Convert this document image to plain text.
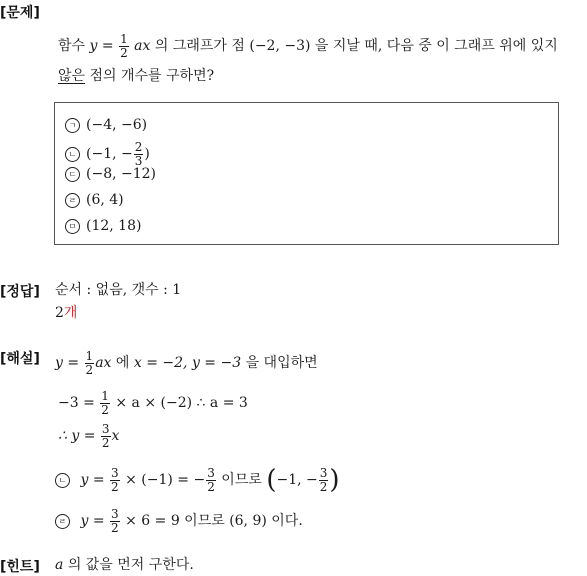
[문제]
함수 $y = \frac{1}{2}$ ax 의 그래프가 점 (−2, −3) 을 지날 때, 다음 중 이 그래프 위에 있지
않은 점의 개수를 구하면?
ㄱ (−4, −6)
ㄴ (−1, − $\frac{2}{3}$ )
ㄷ (−8, −12)
ㄹ (6, 4)
ㅁ (12, 18)
[정답] 순서 : 없음, 갯수 : 1
2개
[해설] $y = \frac{1}{2}$ ax 에 x = −2, y = −3 을 대입하면
$-3 = \frac{1}{2} \times a \times (-2)$ ∴ a = 3
∴ $y = \frac{3}{2}$ x
ㄴ $y = \frac{3}{2} \times (-1)$ = − $\frac{3}{2}$ 이므로 (−1, − $\frac{3}{2}$ )
ㄹ $y = \frac{3}{2} \times 6 = 9$ 이므로 (6, 9) 이다.
[힌트] a 의 값을 먼저 구한다.
